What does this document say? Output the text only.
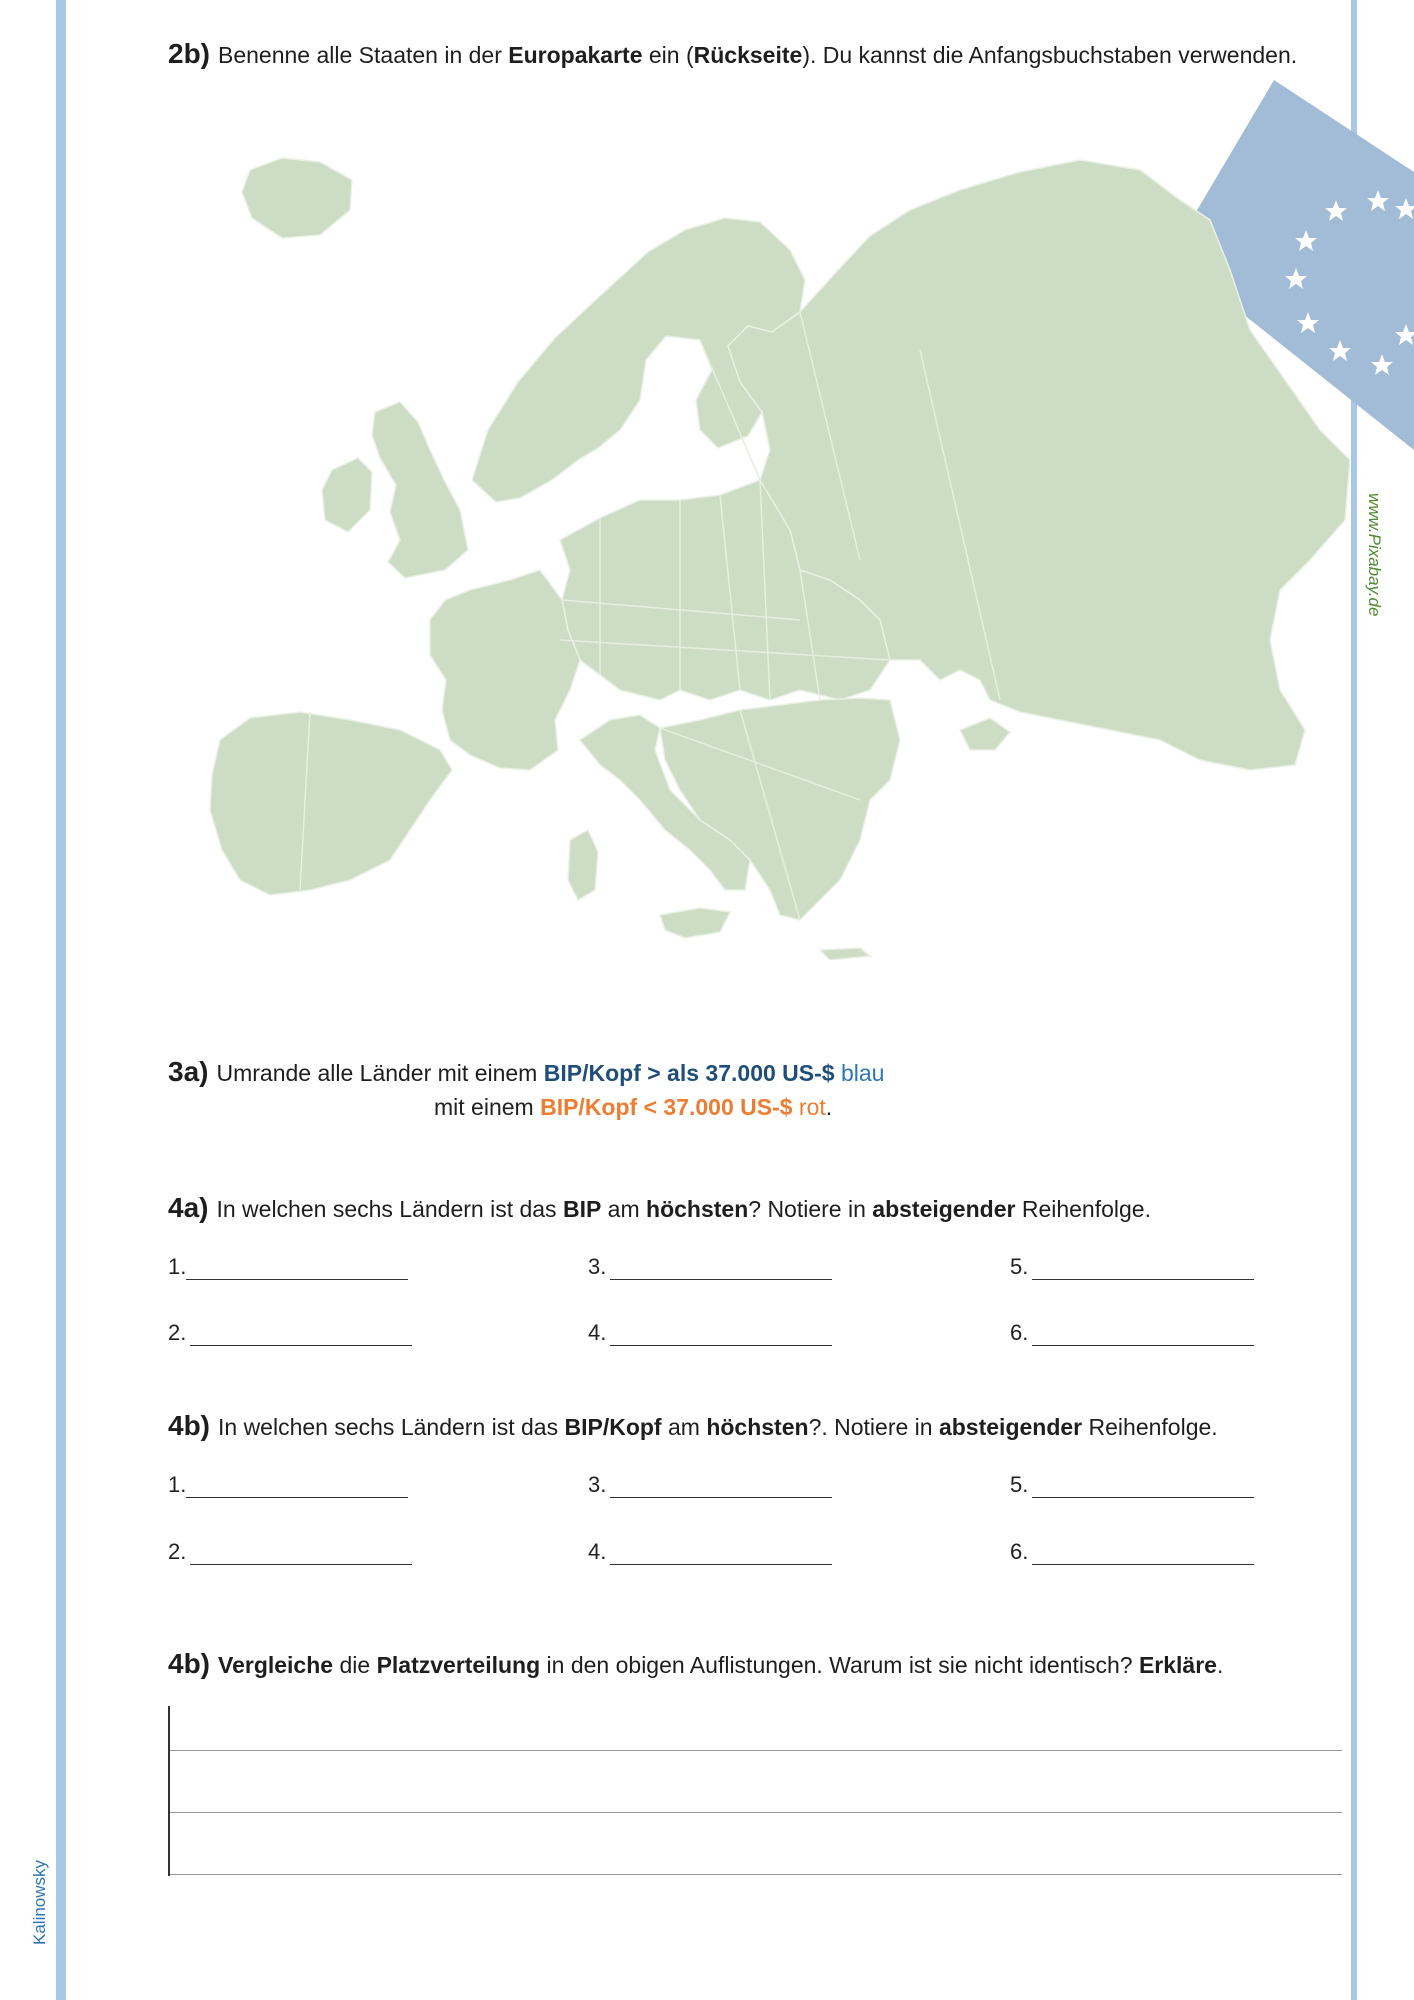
Kalinowsky
www.Pixabay.de
2b) Benenne alle Staaten in der Europakarte ein (Rückseite). Du kannst die Anfangsbuchstaben verwenden.
3a) Umrande alle Länder mit einem BIP/Kopf > als 37.000 US-$ blau
mit einem BIP/Kopf < 37.000 US-$ rot.
4a) In welchen sechs Ländern ist das BIP am höchsten? Notiere in absteigender Reihenfolge.
1.
2.
3.
4.
5.
6.
4b) In welchen sechs Ländern ist das BIP/Kopf am höchsten?. Notiere in absteigender Reihenfolge.
1.
2.
3.
4.
5.
6.
4b) Vergleiche die Platzverteilung in den obigen Auflistungen. Warum ist sie nicht identisch? Erkläre.
